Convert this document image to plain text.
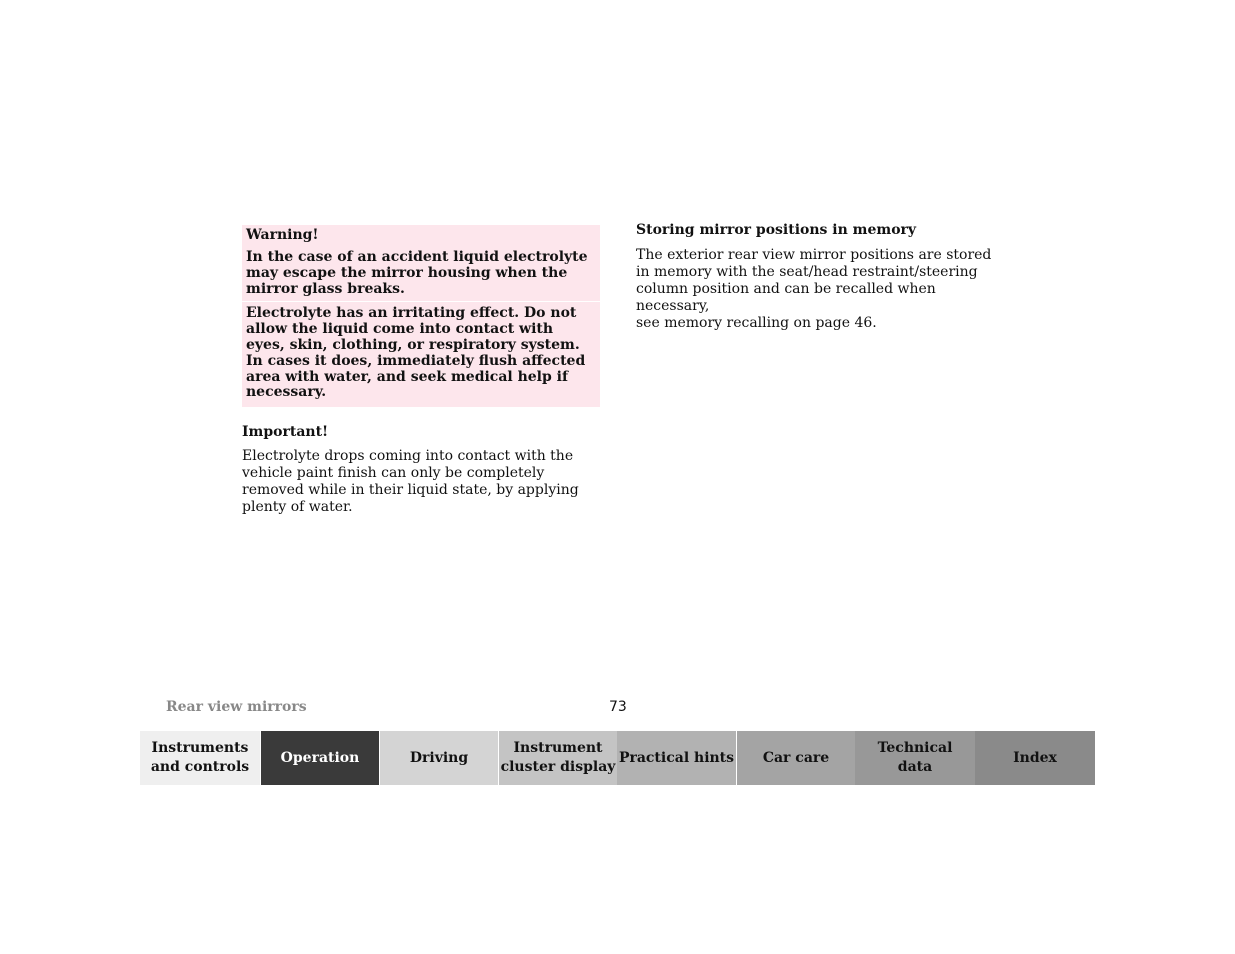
Warning!
In the case of an accident liquid electrolyte may escape the mirror housing when the mirror glass breaks.
Electrolyte has an irritating effect. Do not allow the liquid come into contact with eyes, skin, clothing, or respiratory system. In cases it does, immediately flush affected area with water, and seek medical help if necessary.
Important!
Electrolyte drops coming into contact with the vehicle paint finish can only be completely removed while in their liquid state, by applying plenty of water.
Storing mirror positions in memory
The exterior rear view mirror positions are stored in memory with the seat/head restraint/steering column position and can be recalled when necessary,
see memory recalling on page 46.
Rear view mirrors	73
Instruments
and controls
Operation	Driving
Instrument
cluster display
Practical hints Car care
Technical
data
Index
